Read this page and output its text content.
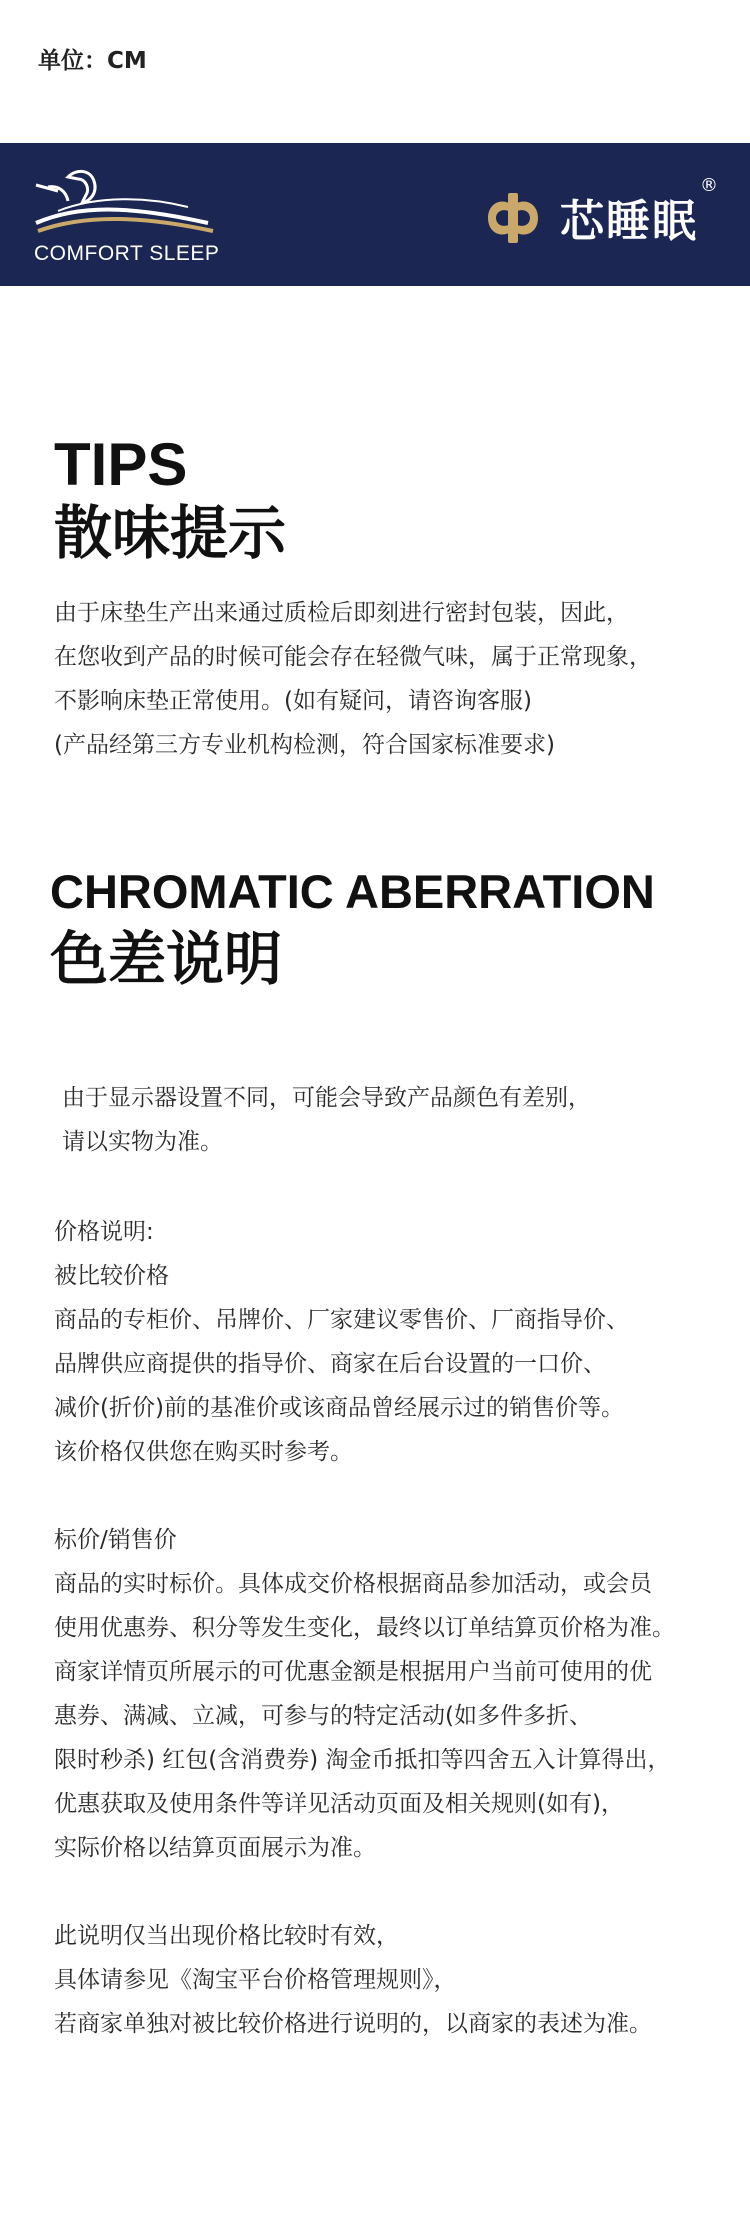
单位：CM
COMFORT SLEEP
芯睡眠
®
TIPS
散味提示
由于床垫生产出来通过质检后即刻进行密封包装，因此，
在您收到产品的时候可能会存在轻微气味，属于正常现象，
不影响床垫正常使用。(如有疑问，请咨询客服)
(产品经第三方专业机构检测，符合国家标准要求)
CHROMATIC ABERRATION
色差说明
由于显示器设置不同，可能会导致产品颜色有差别，
请以实物为准。
价格说明:
被比较价格
商品的专柜价、吊牌价、厂家建议零售价、厂商指导价、
品牌供应商提供的指导价、商家在后台设置的一口价、
减价(折价)前的基准价或该商品曾经展示过的销售价等。
该价格仅供您在购买时参考。
标价/销售价
商品的实时标价。具体成交价格根据商品参加活动，或会员
使用优惠券、积分等发生变化，最终以订单结算页价格为准。
商家详情页所展示的可优惠金额是根据用户当前可使用的优
惠券、满减、立减，可参与的特定活动(如多件多折、
限时秒杀) 红包(含消费券) 淘金币抵扣等四舍五入计算得出，
优惠获取及使用条件等详见活动页面及相关规则(如有)，
实际价格以结算页面展示为准。
此说明仅当出现价格比较时有效，
具体请参见《淘宝平台价格管理规则》，
若商家单独对被比较价格进行说明的，以商家的表述为准。
